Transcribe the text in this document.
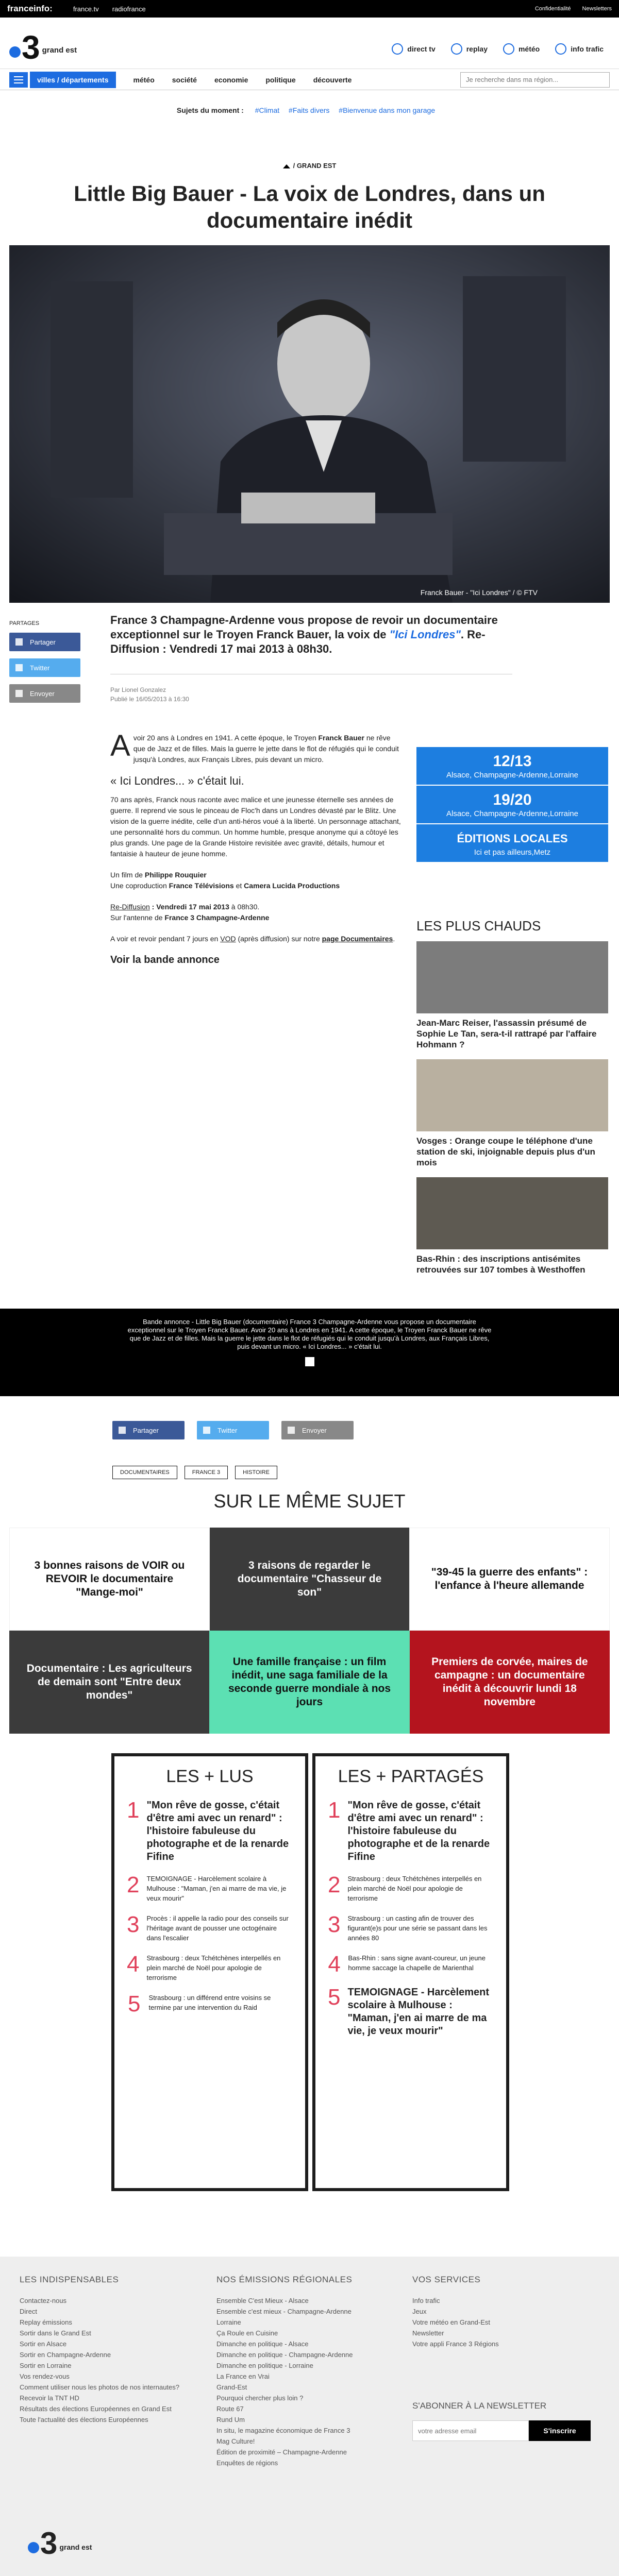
franceinfo:	france.tv radiofrance	Confidentialité Newsletters
3 grand est	direct tv	replay	météo	info trafic
villes / départements	météo société economie politique découverte
Je recherche dans ma région...
Sujets du moment : #Climat #Faits divers #Bienvenue dans mon garage
/ GRAND EST
Little Big Bauer - La voix de Londres, dans un documentaire inédit
Franck Bauer - "Ici Londres" / © FTV
PARTAGES
Partager
Twitter
Envoyer
France 3 Champagne-Ardenne vous propose de revoir un documentaire exceptionnel sur le Troyen Franck Bauer, la voix de "Ici Londres". Re-Diffusion : Vendredi 17 mai 2013 à 08h30.
Par Lionel Gonzalez
Publié le 16/05/2013 à 16:30

Avoir 20 ans à Londres en 1941. A cette époque, le Troyen Franck Bauer ne rêve que de Jazz et de filles. Mais la guerre le jette dans le flot de réfugiés qui le conduit jusqu'à Londres, aux Français Libres, puis devant un micro.

« Ici Londres... » c'était lui.

70 ans après, Franck nous raconte avec malice et une jeunesse éternelle ses années de guerre. Il reprend vie sous le pinceau de Floc'h dans un Londres dévasté par le Blitz. Une vision de la guerre inédite, celle d'un anti-héros voué à la liberté. Un personnage attachant, une personnalité hors du commun. Un homme humble, presque anonyme qui a côtoyé les plus grands. Une page de la Grande Histoire revisitée avec gravité, détails, humour et fantaisie à hauteur de jeune homme.

Un film de Philippe Rouquier
Une coproduction France Télévisions et Camera Lucida Productions

Re-Diffusion : Vendredi 17 mai 2013 à 08h30.
Sur l'antenne de France 3 Champagne-Ardenne

A voir et revoir pendant 7 jours en VOD (après diffusion) sur notre page Documentaires.

Voir la bande annonce
12/13
Alsace, Champagne-Ardenne,Lorraine
19/20
Alsace, Champagne-Ardenne,Lorraine
ÉDITIONS LOCALES
Ici et pas ailleurs,Metz
LES PLUS CHAUDS
Jean-Marc Reiser, l'assassin présumé de Sophie Le Tan, sera-t-il rattrapé par l'affaire Hohmann ?
Vosges : Orange coupe le téléphone d'une station de ski, injoignable depuis plus d'un mois
Bas-Rhin : des inscriptions antisémites retrouvées sur 107 tombes à Westhoffen
Bande annonce - Little Big Bauer (documentaire) France 3 Champagne-Ardenne vous propose un documentaire exceptionnel sur le Troyen Franck Bauer. Avoir 20 ans à Londres en 1941. A cette époque, le Troyen Franck Bauer ne rêve que de Jazz et de filles. Mais la guerre le jette dans le flot de réfugiés qui le conduit jusqu'à Londres, aux Français Libres, puis devant un micro. « Ici Londres... » c'était lui.
Partager	Twitter	Envoyer
DOCUMENTAIRES	FRANCE 3	HISTOIRE
SUR LE MÊME SUJET
3 bonnes raisons de VOIR ou REVOIR le documentaire "Mange-moi"
3 raisons de regarder le documentaire "Chasseur de son"
"39-45 la guerre des enfants" : l'enfance à l'heure allemande
Documentaire : Les agriculteurs de demain sont "Entre deux mondes"
Une famille française : un film inédit, une saga familiale de la seconde guerre mondiale à nos jours
Premiers de corvée, maires de campagne : un documentaire inédit à découvrir lundi 18 novembre
LES + LUS
1 "Mon rêve de gosse, c'était d'être ami avec un renard" : l'histoire fabuleuse du photographe et de la renarde Fifine
2 TEMOIGNAGE - Harcèlement scolaire à Mulhouse : "Maman, j'en ai marre de ma vie, je veux mourir"
3 Procès : il appelle la radio pour des conseils sur l'héritage avant de pousser une octogénaire dans l'escalier
4 Strasbourg : deux Tchétchènes interpellés en plein marché de Noël pour apologie de terrorisme
5 Strasbourg : un différend entre voisins se termine par une intervention du Raid
LES + PARTAGÉS
1 "Mon rêve de gosse, c'était d'être ami avec un renard" : l'histoire fabuleuse du photographe et de la renarde Fifine
2 Strasbourg : deux Tchétchènes interpellés en plein marché de Noël pour apologie de terrorisme
3 Strasbourg : un casting afin de trouver des figurant(e)s pour une série se passant dans les années 80
4 Bas-Rhin : sans signe avant-coureur, un jeune homme saccage la chapelle de Marienthal
5 TEMOIGNAGE - Harcèlement scolaire à Mulhouse : "Maman, j'en ai marre de ma vie, je veux mourir"
LES INDISPENSABLES
Contactez-nous
Direct
Replay émissions
Sortir dans le Grand Est
Sortir en Alsace
Sortir en Champagne-Ardenne
Sortir en Lorraine
Vos rendez-vous
Comment utiliser nous les photos de nos internautes?
Recevoir la TNT HD
Résultats des élections Européennes en Grand Est
Toute l'actualité des élections Européennes
NOS ÉMISSIONS RÉGIONALES
Ensemble C'est Mieux - Alsace
Ensemble c'est mieux - Champagne-Ardenne
Lorraine
Ça Roule en Cuisine
Dimanche en politique - Alsace
Dimanche en politique - Champagne-Ardenne
Dimanche en politique - Lorraine
La France en Vrai
Grand-Est
Pourquoi chercher plus loin ?
Route 67
Rund Um
In situ, le magazine économique de France 3
Mag Culture!
Édition de proximité – Champagne-Ardenne
Enquêtes de régions
VOS SERVICES
Info trafic
Jeux
Votre météo en Grand-Est
Newsletter
Votre appli France 3 Régions
S'ABONNER À LA NEWSLETTER
votre adresse email
S'inscrire
3 grand est
